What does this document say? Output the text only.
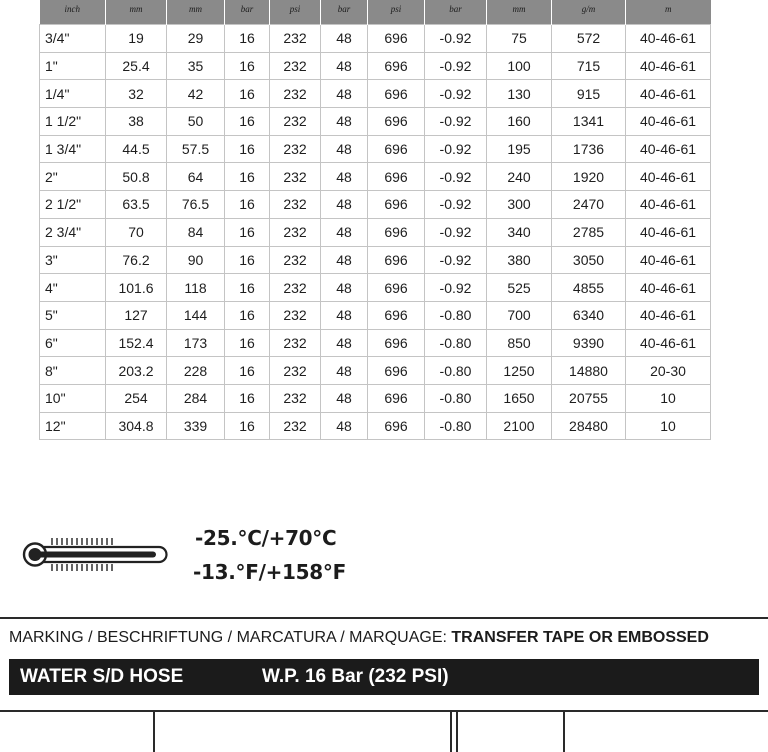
inch	mm	mm	bar	psi	bar	psi	bar	mm	g/m	m
3/4"	19	29	16	232	48	696	-0.92	75	572	40-46-61
1"	25.4	35	16	232	48	696	-0.92	100	715	40-46-61
1/4"	32	42	16	232	48	696	-0.92	130	915	40-46-61
1 1/2"	38	50	16	232	48	696	-0.92	160	1341	40-46-61
1 3/4"	44.5	57.5	16	232	48	696	-0.92	195	1736	40-46-61
2"	50.8	64	16	232	48	696	-0.92	240	1920	40-46-61
2 1/2"	63.5	76.5	16	232	48	696	-0.92	300	2470	40-46-61
2 3/4"	70	84	16	232	48	696	-0.92	340	2785	40-46-61
3"	76.2	90	16	232	48	696	-0.92	380	3050	40-46-61
4"	101.6	118	16	232	48	696	-0.92	525	4855	40-46-61
5"	127	144	16	232	48	696	-0.80	700	6340	40-46-61
6"	152.4	173	16	232	48	696	-0.80	850	9390	40-46-61
8"	203.2	228	16	232	48	696	-0.80	1250	14880	20-30
10"	254	284	16	232	48	696	-0.80	1650	20755	10
12"	304.8	339	16	232	48	696	-0.80	2100	28480	10
-25.°C/+70°C
-13.°F/+158°F
MARKING / BESCHRIFTUNG / MARCATURA / MARQUAGE: TRANSFER TAPE OR EMBOSSED
WATER S/D HOSE	W.P. 16 Bar (232 PSI)
